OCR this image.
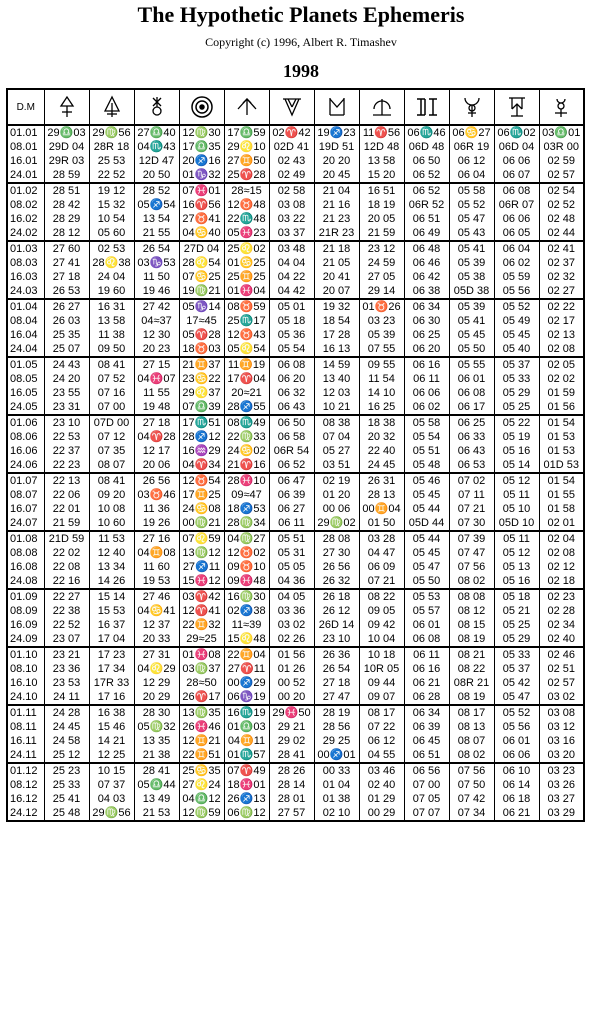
The Hypothetic Planets Ephemeris
Copyright (c) 1996, Albert R. Timashev
1998
D.M	

01.01	29♎03	29♍56	27♎40	12♍30	17♎59	02♈42	19♐23	11♈56	06♏46	06♋27	06♏02	03♎01
08.01	29D 04	28R 18	04♏43	17♎35	29♌10	02D 41	19D 51	12D 48	06D 48	06R 19	06D 04	03R 00
16.01	29R 03	25 53	12D 47	20♐16	27♊50	02 43	20 20	13 58	06 50	06 12	06 06	02 59
24.01	28 59	22 52	20 50	01♑32	25♈28	02 49	20 45	15 20	06 52	06 04	06 07	02 57
01.02	28 51	19 12	28 52	07♓01	28≈15	02 58	21 04	16 51	06 52	05 58	06 08	02 54
08.02	28 42	15 32	05♐54	16♈56	12♉48	03 08	21 16	18 19	06R 52	05 52	06R 07	02 52
16.02	28 29	10 54	13 54	27♉41	22♏48	03 22	21 23	20 05	06 51	05 47	06 06	02 48
24.02	28 12	05 60	21 55	04♋40	05♓23	03 37	21R 23	21 59	06 49	05 43	06 05	02 44
01.03	27 60	02 53	26 54	27D 04	25♌02	03 48	21 18	23 12	06 48	05 41	06 04	02 41
08.03	27 41	28♌38	03♑53	28♌54	01♋25	04 04	21 05	24 59	06 46	05 39	06 02	02 37
16.03	27 18	24 04	11 50	07♋25	25♊25	04 22	20 41	27 05	06 42	05 38	05 59	02 32
24.03	26 53	19 60	19 46	19♍21	01♓04	04 42	20 07	29 14	06 38	05D 38	05 56	02 27
01.04	26 27	16 31	27 42	05♑14	08♉59	05 01	19 32	01♉26	06 34	05 39	05 52	02 22
08.04	26 03	13 58	04≈37	17≈45	25♏17	05 18	18 54	03 23	06 30	05 41	05 49	02 17
16.04	25 35	11 38	12 30	05♈28	12♉43	05 36	17 28	05 39	06 25	05 45	05 45	02 13
24.04	25 07	09 50	20 23	18♉03	05♌54	05 54	16 13	07 55	06 20	05 50	05 40	02 08
01.05	24 43	08 41	27 15	21♊37	11♊19	06 08	14 59	09 55	06 16	05 55	05 37	02 05
08.05	24 20	07 52	04♓07	23♋22	17♈04	06 20	13 40	11 54	06 11	06 01	05 33	02 02
16.05	23 55	07 16	11 55	29♌37	20≈21	06 32	12 03	14 10	06 06	06 08	05 29	01 59
24.05	23 31	07 00	19 48	07♎39	28♐55	06 43	10 21	16 25	06 02	06 17	05 25	01 56
01.06	23 10	07D 00	27 18	17♏51	08♏49	06 50	08 38	18 38	05 58	06 25	05 22	01 54
08.06	22 53	07 12	04♈28	28♐12	22♍33	06 58	07 04	20 32	05 54	06 33	05 19	01 53
16.06	22 37	07 35	12 17	16♒29	24♋02	06R 54	05 27	22 40	05 51	06 43	05 16	01 53
24.06	22 23	08 07	20 06	04♈34	21♈16	06 52	03 51	24 45	05 48	06 53	05 14	01D 53
01.07	22 13	08 41	26 56	12♉54	28♓10	06 47	02 19	26 31	05 46	07 02	05 12	01 54
08.07	22 06	09 20	03♉46	17♊25	09≈47	06 39	01 20	28 13	05 45	07 11	05 11	01 55
16.07	22 01	10 08	11 36	24♋08	18♐53	06 27	00 06	00♊04	05 44	07 21	05 10	01 58
24.07	21 59	10 60	19 26	00♍21	28♍34	06 11	29♍02	01 50	05D 44	07 30	05D 10	02 01
01.08	21D 59	11 53	27 16	07♌59	04♍27	05 51	28 08	03 28	05 44	07 39	05 11	02 04
08.08	22 02	12 40	04♊08	13♍12	12♉02	05 31	27 30	04 47	05 45	07 47	05 12	02 08
16.08	22 08	13 34	11 60	27♐11	09♉10	05 05	26 56	06 09	05 47	07 56	05 13	02 12
24.08	22 16	14 26	19 53	15♓12	09♓48	04 36	26 32	07 21	05 50	08 02	05 16	02 18
01.09	22 27	15 14	27 46	03♈42	16♍30	04 05	26 18	08 22	05 53	08 08	05 18	02 23
08.09	22 38	15 53	04♋41	12♈41	02♐38	03 36	26 12	09 05	05 57	08 12	05 21	02 28
16.09	22 52	16 37	12 37	22♊32	11≈39	03 02	26D 14	09 42	06 01	08 15	05 25	02 34
24.09	23 07	17 04	20 33	29≈25	15♌48	02 26	23 10	10 04	06 08	08 19	05 29	02 40
01.10	23 21	17 23	27 31	01♓08	22♊04	01 56	26 36	10 18	06 11	08 21	05 33	02 46
08.10	23 36	17 34	04♌29	03♍37	27♈11	01 26	26 54	10R 05	06 16	08 22	05 37	02 51
16.10	23 53	17R 33	12 29	28≈50	00♐29	00 52	27 18	09 44	06 21	08R 21	05 42	02 57
24.10	24 11	17 16	20 29	26♈17	06♑19	00 20	27 47	09 07	06 28	08 19	05 47	03 02
01.11	24 28	16 38	28 30	13♍35	16♏19	29♓50	28 19	08 17	06 34	08 17	05 52	03 08
08.11	24 45	15 46	05♍32	26♓46	01♎03	29 21	28 56	07 22	06 39	08 13	05 56	03 12
16.11	24 58	14 21	13 35	12♊21	04♊11	29 02	29 25	06 12	06 45	08 07	06 01	03 16
24.11	25 12	12 25	21 38	22♊51	01♏57	28 41	00♐01	04 55	06 51	08 02	06 06	03 20
01.12	25 23	10 15	28 41	25♋35	07♈49	28 26	00 33	03 46	06 56	07 56	06 10	03 23
08.12	25 33	07 37	05♎44	27♌24	18♓01	28 14	01 04	02 40	07 00	07 50	06 14	03 26
16.12	25 41	04 03	13 49	04♎12	26♐13	28 01	01 38	01 29	07 05	07 42	06 18	03 27
24.12	25 48	29♍56	21 53	12♍59	06♍12	27 57	02 10	00 29	07 07	07 34	06 21	03 29
